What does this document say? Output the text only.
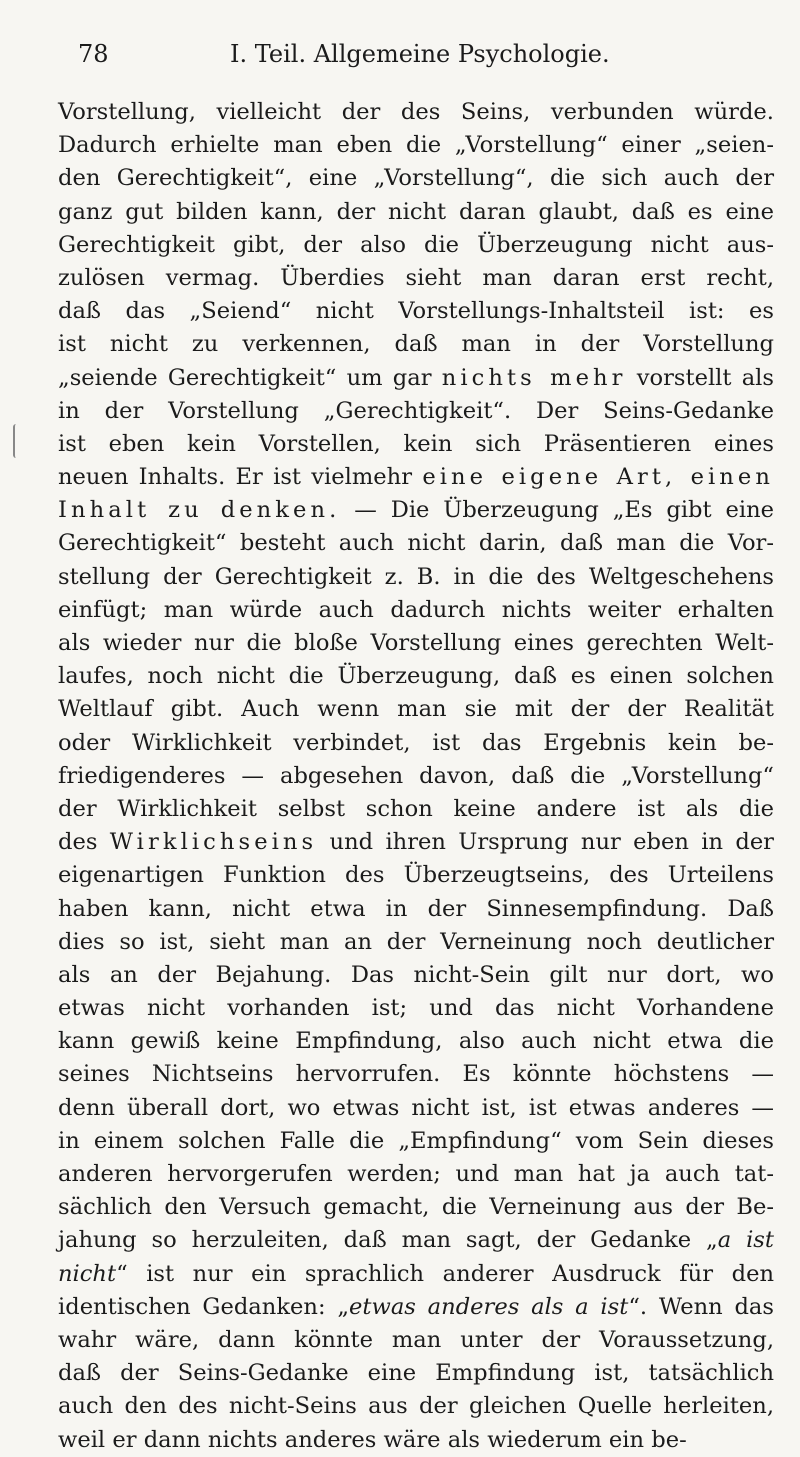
78	I. Teil. Allgemeine Psychologie.
Vorstellung, vielleicht der des Seins, verbunden würde.
Dadurch erhielte man eben die „Vorstellung“ einer „seien-
den Gerechtigkeit“, eine „Vorstellung“, die sich auch der
ganz gut bilden kann, der nicht daran glaubt, daß es eine
Gerechtigkeit gibt, der also die Überzeugung nicht aus-
zulösen vermag. Überdies sieht man daran erst recht,
daß das „Seiend“ nicht Vorstellungs-Inhaltsteil ist: es
ist nicht zu verkennen, daß man in der Vorstellung
„seiende Gerechtigkeit“ um gar nichts mehr vorstellt als
in der Vorstellung „Gerechtigkeit“. Der Seins-Gedanke
ist eben kein Vorstellen, kein sich Präsentieren eines
neuen Inhalts. Er ist vielmehr eine eigene Art, einen
Inhalt zu denken. — Die Überzeugung „Es gibt eine
Gerechtigkeit“ besteht auch nicht darin, daß man die Vor-
stellung der Gerechtigkeit z. B. in die des Weltgeschehens
einfügt; man würde auch dadurch nichts weiter erhalten
als wieder nur die bloße Vorstellung eines gerechten Welt-
laufes, noch nicht die Überzeugung, daß es einen solchen
Weltlauf gibt. Auch wenn man sie mit der der Realität
oder Wirklichkeit verbindet, ist das Ergebnis kein be-
friedigenderes — abgesehen davon, daß die „Vorstellung“
der Wirklichkeit selbst schon keine andere ist als die
des Wirklichseins und ihren Ursprung nur eben in der
eigenartigen Funktion des Überzeugtseins, des Urteilens
haben kann, nicht etwa in der Sinnesempfindung. Daß
dies so ist, sieht man an der Verneinung noch deutlicher
als an der Bejahung. Das nicht-Sein gilt nur dort, wo
etwas nicht vorhanden ist; und das nicht Vorhandene
kann gewiß keine Empfindung, also auch nicht etwa die
seines Nichtseins hervorrufen. Es könnte höchstens —
denn überall dort, wo etwas nicht ist, ist etwas anderes —
in einem solchen Falle die „Empfindung“ vom Sein dieses
anderen hervorgerufen werden; und man hat ja auch tat-
sächlich den Versuch gemacht, die Verneinung aus der Be-
jahung so herzuleiten, daß man sagt, der Gedanke „a ist
nicht“ ist nur ein sprachlich anderer Ausdruck für den
identischen Gedanken: „etwas anderes als a ist“. Wenn das
wahr wäre, dann könnte man unter der Voraussetzung,
daß der Seins-Gedanke eine Empfindung ist, tatsächlich
auch den des nicht-Seins aus der gleichen Quelle herleiten,
weil er dann nichts anderes wäre als wiederum ein be-
